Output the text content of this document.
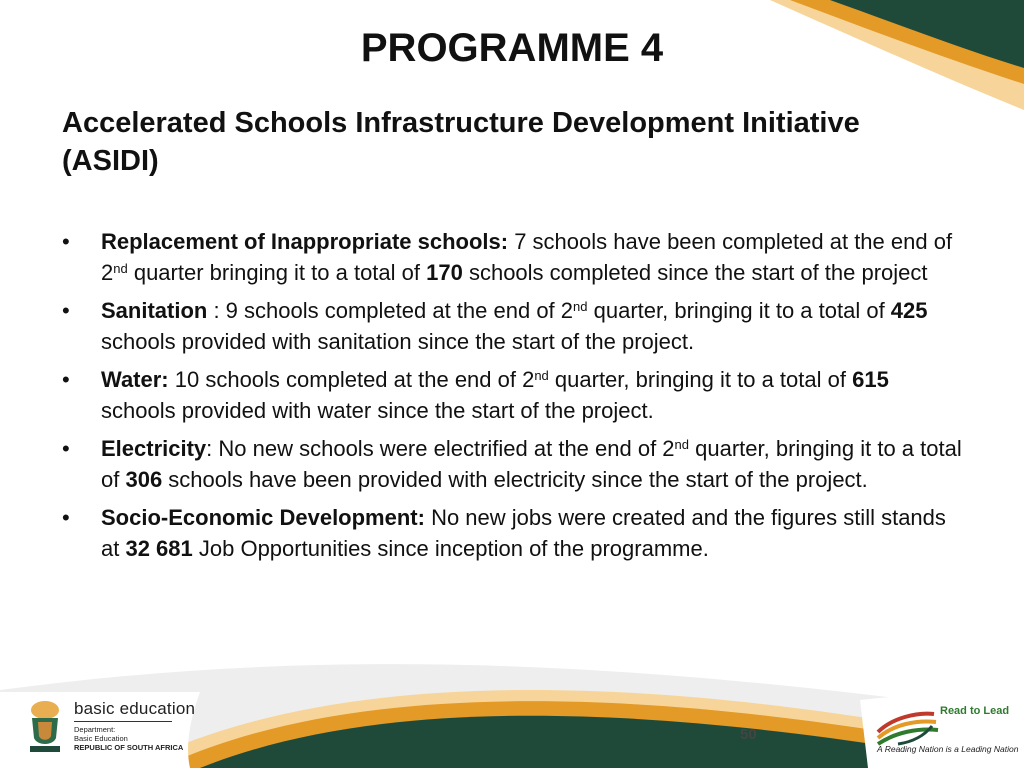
PROGRAMME 4
Accelerated Schools Infrastructure Development Initiative (ASIDI)
• Replacement of Inappropriate schools: 7 schools have been completed at the end of 2nd quarter bringing it to a total of 170 schools completed since the start of the project
• Sanitation : 9 schools completed at the end of 2nd quarter, bringing it to a total of 425 schools provided with sanitation since the start of the project.
• Water: 10 schools completed at the end of 2nd quarter, bringing it to a total of 615 schools provided with water since the start of the project.
• Electricity: No new schools were electrified at the end of 2nd quarter, bringing it to a total of 306 schools have been provided with electricity since the start of the project.
• Socio-Economic Development: No new jobs were created and the figures still stands at 32 681 Job Opportunities since inception of the programme.
50
basic education
Department:
Basic Education
REPUBLIC OF SOUTH AFRICA
Read to Lead
A Reading Nation is a Leading Nation
